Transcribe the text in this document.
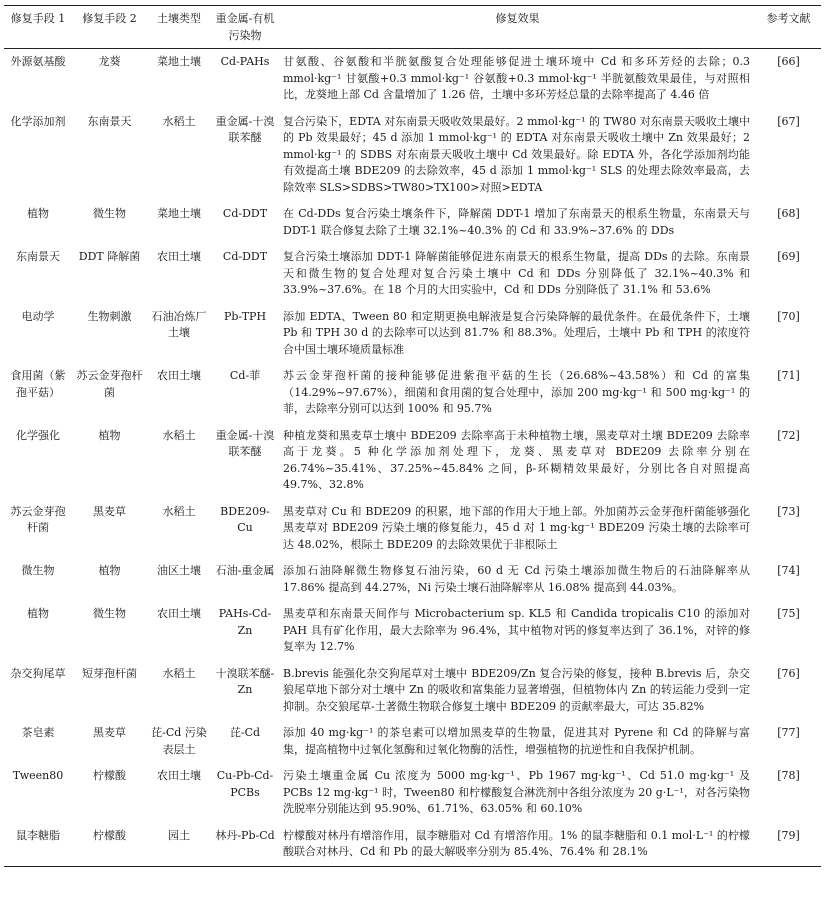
修复手段 1	修复手段 2	土壤类型	重金属-有机污染物	修复效果	参考文献
外源氨基酸	龙葵	菜地土壤	Cd-PAHs	甘氨酸、谷氨酸和半胱氨酸复合处理能够促进土壤环境中 Cd 和多环芳烃的去除；0.3 mmol·kg⁻¹ 甘氨酸+0.3 mmol·kg⁻¹ 谷氨酸+0.3 mmol·kg⁻¹ 半胱氨酸效果最佳，与对照相比，龙葵地上部 Cd 含量增加了 1.26 倍，土壤中多环芳烃总量的去除率提高了 4.46 倍	[66]
化学添加剂	东南景天	水稻土	重金属-十溴联苯醚	复合污染下，EDTA 对东南景天吸收效果最好。2 mmol·kg⁻¹ 的 TW80 对东南景天吸收土壤中的 Pb 效果最好；45 d 添加 1 mmol·kg⁻¹ 的 EDTA 对东南景天吸收土壤中 Zn 效果最好；2 mmol·kg⁻¹ 的 SDBS 对东南景天吸收土壤中 Cd 效果最好。除 EDTA 外，各化学添加剂均能有效提高土壤 BDE209 的去除效率，45 d 添加 1 mmol·kg⁻¹ SLS 的处理去除效率最高，去除效率 SLS>SDBS>TW80>TX100>对照>EDTA	[67]
植物	微生物	菜地土壤	Cd-DDT	在 Cd-DDs 复合污染土壤条件下，降解菌 DDT-1 增加了东南景天的根系生物量，东南景天与 DDT-1 联合修复去除了土壤 32.1%~40.3% 的 Cd 和 33.9%~37.6% 的 DDs	[68]
东南景天	DDT 降解菌	农田土壤	Cd-DDT	复合污染土壤添加 DDT-1 降解菌能够促进东南景天的根系生物量，提高 DDs 的去除。东南景天和微生物的复合处理对复合污染土壤中 Cd 和 DDs 分别降低了 32.1%~40.3% 和 33.9%~37.6%。在 18 个月的大田实验中，Cd 和 DDs 分别降低了 31.1% 和 53.6%	[69]
电动学	生物刺激	石油冶炼厂土壤	Pb-TPH	添加 EDTA、Tween 80 和定期更换电解液是复合污染降解的最优条件。在最优条件下，土壤 Pb 和 TPH 30 d 的去除率可以达到 81.7% 和 88.3%。处理后，土壤中 Pb 和 TPH 的浓度符合中国土壤环境质量标准	[70]
食用菌（紫孢平菇）	苏云金芽孢杆菌	农田土壤	Cd-菲	苏云金芽孢杆菌的接种能够促进紫孢平菇的生长（26.68%~43.58%）和 Cd 的富集（14.29%~97.67%），细菌和食用菌的复合处理中，添加 200 mg·kg⁻¹ 和 500 mg·kg⁻¹ 的菲，去除率分别可以达到 100% 和 95.7%	[71]
化学强化	植物	水稻土	重金属-十溴联苯醚	种植龙葵和黑麦草土壤中 BDE209 去除率高于未种植物土壤，黑麦草对土壤 BDE209 去除率高于龙葵。5 种化学添加剂处理下，龙葵、黑麦草对 BDE209 去除率分别在 26.74%~35.41%、37.25%~45.84% 之间，β-环糊精效果最好，分别比各自对照提高 49.7%、32.8%	[72]
苏云金芽孢杆菌	黑麦草	水稻土	BDE209-Cu	黑麦草对 Cu 和 BDE209 的积累，地下部的作用大于地上部。外加菌苏云金芽孢杆菌能够强化黑麦草对 BDE209 污染土壤的修复能力，45 d 对 1 mg·kg⁻¹ BDE209 污染土壤的去除率可达 48.02%，根际土 BDE209 的去除效果优于非根际土	[73]
微生物	植物	油区土壤	石油-重金属	添加石油降解微生物修复石油污染，60 d 无 Cd 污染土壤添加微生物后的石油降解率从 17.86% 提高到 44.27%，Ni 污染土壤石油降解率从 16.08% 提高到 44.03%。	[74]
植物	微生物	农田土壤	PAHs-Cd-Zn	黑麦草和东南景天间作与 Microbacterium sp. KL5 和 Candida tropicalis C10 的添加对 PAH 具有矿化作用，最大去除率为 96.4%，其中植物对钙的修复率达到了 36.1%，对锌的修复率为 12.7%	[75]
杂交狗尾草	短芽孢杆菌	水稻土	十溴联苯醚-Zn	B.brevis 能强化杂交狗尾草对土壤中 BDE209/Zn 复合污染的修复，接种 B.brevis 后，杂交狼尾草地下部分对土壤中 Zn 的吸收和富集能力显著增强，但植物体内 Zn 的转运能力受到一定抑制。杂交狼尾草-土著微生物联合修复土壤中 BDE209 的贡献率最大，可达 35.82%	[76]
茶皂素	黑麦草	芘-Cd 污染表层土	芘-Cd	添加 40 mg·kg⁻¹ 的茶皂素可以增加黑麦草的生物量，促进其对 Pyrene 和 Cd 的降解与富集，提高植物中过氧化氢酶和过氧化物酶的活性，增强植物的抗逆性和自我保护机制。	[77]
Tween80	柠檬酸	农田土壤	Cu-Pb-Cd-PCBs	污染土壤重金属 Cu 浓度为 5000 mg·kg⁻¹、Pb 1967 mg·kg⁻¹、Cd 51.0 mg·kg⁻¹ 及 PCBs 12 mg·kg⁻¹ 时，Tween80 和柠檬酸复合淋洗剂中各组分浓度为 20 g·L⁻¹，对各污染物洗脱率分别能达到 95.90%、61.71%、63.05% 和 60.10%	[78]
鼠李糖脂	柠檬酸	园土	林丹-Pb-Cd	柠檬酸对林丹有增溶作用，鼠李糖脂对 Cd 有增溶作用。1% 的鼠李糖脂和 0.1 mol·L⁻¹ 的柠檬酸联合对林丹、Cd 和 Pb 的最大解吸率分别为 85.4%、76.4% 和 28.1%	[79]
